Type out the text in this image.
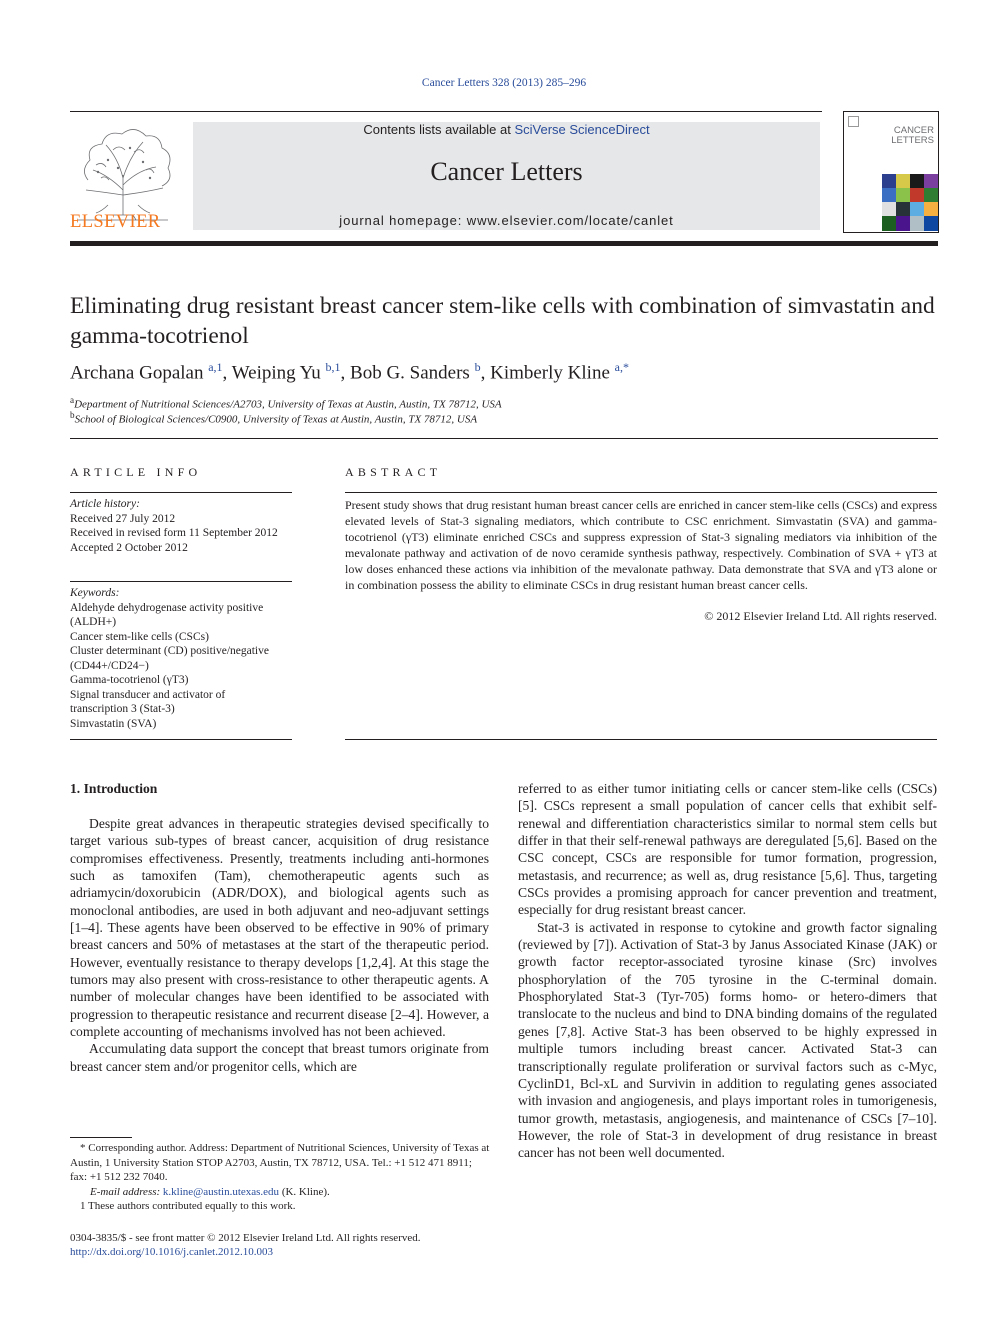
Cancer Letters 328 (2013) 285–296
ELSEVIER
Contents lists available at SciVerse ScienceDirect
Cancer Letters
journal homepage: www.elsevier.com/locate/canlet
CANCER
LETTERS
Eliminating drug resistant breast cancer stem-like cells with combination of simvastatin and gamma-tocotrienol
Archana Gopalan $^{a,1}$, Weiping Yu $^{b,1}$, Bob G. Sanders $^b$, Kimberly Kline $^{a,*}$
$^a$Department of Nutritional Sciences/A2703, University of Texas at Austin, Austin, TX 78712, USA
$^b$School of Biological Sciences/C0900, University of Texas at Austin, Austin, TX 78712, USA
ARTICLE INFO
Article history:
Received 27 July 2012
Received in revised form 11 September 2012
Accepted 2 October 2012
Keywords:
Aldehyde dehydrogenase activity positive
(ALDH+)
Cancer stem-like cells (CSCs)
Cluster determinant (CD) positive/negative
(CD44+/CD24−)
Gamma-tocotrienol (γT3)
Signal transducer and activator of
transcription 3 (Stat-3)
Simvastatin (SVA)
ABSTRACT
Present study shows that drug resistant human breast cancer cells are enriched in cancer stem-like cells (CSCs) and express elevated levels of Stat-3 signaling mediators, which contribute to CSC enrichment. Simvastatin (SVA) and gamma-tocotrienol (γT3) eliminate enriched CSCs and suppress expression of Stat-3 signaling mediators via inhibition of the mevalonate pathway and activation of de novo ceramide synthesis pathway, respectively. Combination of SVA + γT3 at low doses enhanced these actions via inhibition of the mevalonate pathway. Data demonstrate that SVA and γT3 alone or in combination possess the ability to eliminate CSCs in drug resistant human breast cancer cells.
© 2012 Elsevier Ireland Ltd. All rights reserved.
1. Introduction

Despite great advances in therapeutic strategies devised specifically to target various sub-types of breast cancer, acquisition of drug resistance compromises effectiveness. Presently, treatments including anti-hormones such as tamoxifen (Tam), chemotherapeutic agents such as adriamycin/doxorubicin (ADR/DOX), and biological agents such as monoclonal antibodies, are used in both adjuvant and neo-adjuvant settings [1–4]. These agents have been observed to be effective in 90% of primary breast cancers and 50% of metastases at the start of the therapeutic period. However, eventually resistance to therapy develops [1,2,4]. At this stage the tumors may also present with cross-resistance to other therapeutic agents. A number of molecular changes have been identified to be associated with progression to therapeutic resistance and recurrent disease [2–4]. However, a complete accounting of mechanisms involved has not been achieved.

Accumulating data support the concept that breast tumors originate from breast cancer stem and/or progenitor cells, which are

referred to as either tumor initiating cells or cancer stem-like cells (CSCs) [5]. CSCs represent a small population of cancer cells that exhibit self-renewal and differentiation characteristics similar to normal stem cells but differ in that their self-renewal pathways are deregulated [5,6]. Based on the CSC concept, CSCs are responsible for tumor formation, progression, metastasis, and recurrence; as well as, drug resistance [5,6]. Thus, targeting CSCs provides a promising approach for cancer prevention and treatment, especially for drug resistant breast cancer.

Stat-3 is activated in response to cytokine and growth factor signaling (reviewed by [7]). Activation of Stat-3 by Janus Associated Kinase (JAK) or growth factor receptor-associated tyrosine kinase (Src) involves phosphorylation of the 705 tyrosine in the C-terminal domain. Phosphorylated Stat-3 (Tyr-705) forms homo- or hetero-dimers that translocate to the nucleus and bind to DNA binding domains of the regulated genes [7,8]. Active Stat-3 has been observed to be highly expressed in multiple tumors including breast cancer. Activated Stat-3 can transcriptionally regulate proliferation or survival factors such as c-Myc, CyclinD1, Bcl-xL and Survivin in addition to regulating genes associated with invasion and angiogenesis, and plays important roles in tumorigenesis, tumor growth, metastasis, angiogenesis, and maintenance of CSCs [7–10]. However, the role of Stat-3 in development of drug resistance in breast cancer has not been well documented.

* Corresponding author. Address: Department of Nutritional Sciences, University of Texas at Austin, 1 University Station STOP A2703, Austin, TX 78712, USA. Tel.: +1 512 471 8911; fax: +1 512 232 7040.

E-mail address: k.kline@austin.utexas.edu (K. Kline).

1 These authors contributed equally to this work.

0304-3835/$ - see front matter © 2012 Elsevier Ireland Ltd. All rights reserved.
http://dx.doi.org/10.1016/j.canlet.2012.10.003
